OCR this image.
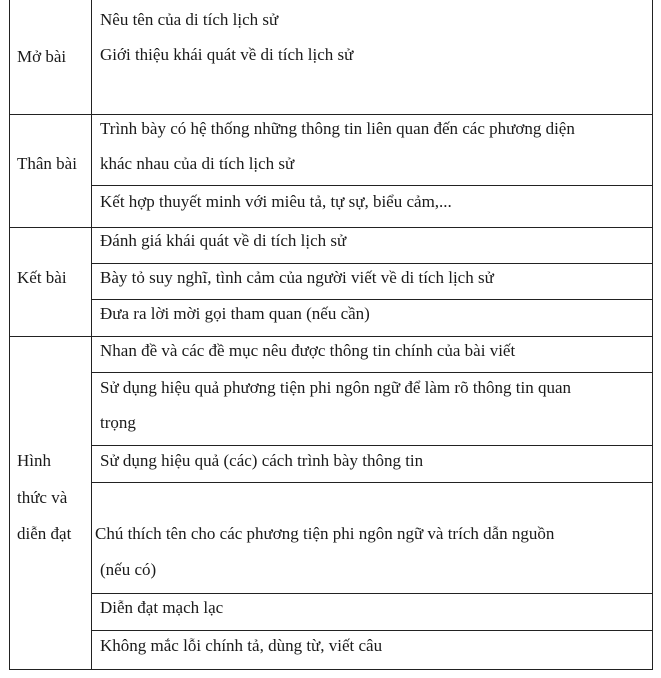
Mở bài
Nêu tên của di tích lịch sử
Giới thiệu khái quát về di tích lịch sử
Thân bài
Trình bày có hệ thống những thông tin liên quan đến các phương diện
khác nhau của di tích lịch sử
Kết hợp thuyết minh với miêu tả, tự sự, biểu cảm,...
Kết bài
Đánh giá khái quát về di tích lịch sử
Bày tỏ suy nghĩ, tình cảm của người viết về di tích lịch sử
Đưa ra lời mời gọi tham quan (nếu cần)
Hình
thức và
diễn đạt
Nhan đề và các đề mục nêu được thông tin chính của bài viết
Sử dụng hiệu quả phương tiện phi ngôn ngữ để làm rõ thông tin quan
trọng
Sử dụng hiệu quả (các) cách trình bày thông tin
Chú thích tên cho các phương tiện phi ngôn ngữ và trích dẫn nguồn
(nếu có)
Diễn đạt mạch lạc
Không mắc lỗi chính tả, dùng từ, viết câu
